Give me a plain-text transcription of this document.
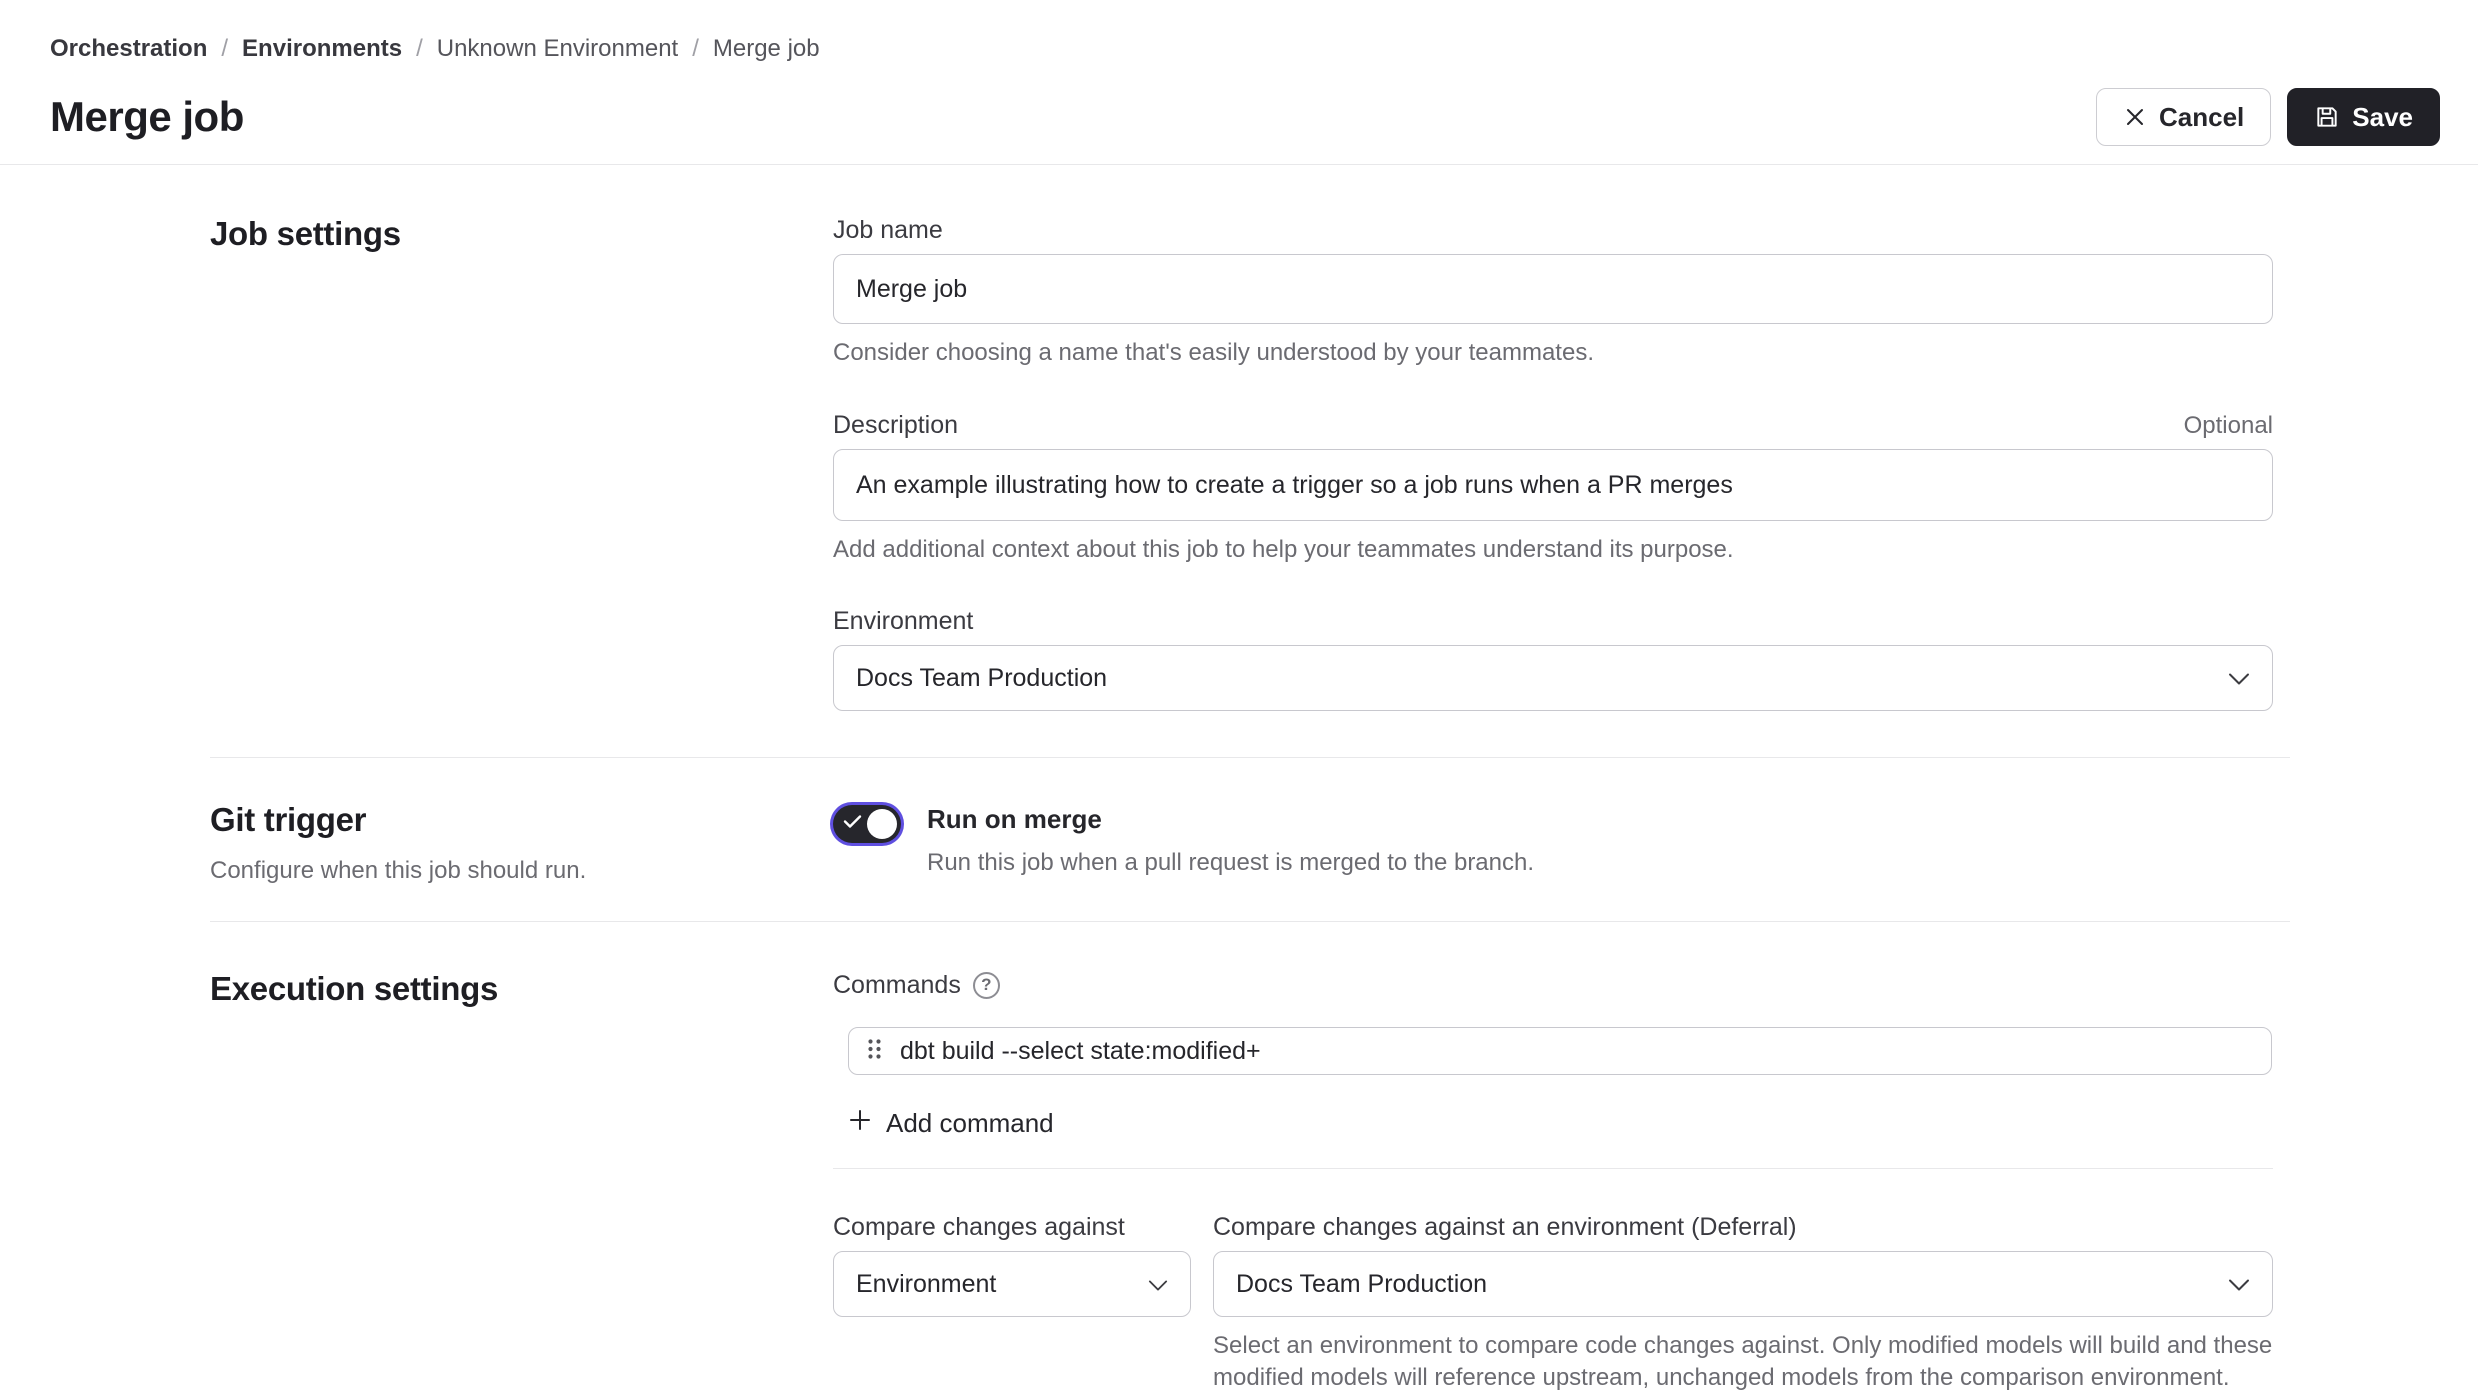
Orchestration / Environments / Unknown Environment / Merge job
Merge job	Cancel	Save
Job settings	Job name Merge job
Consider choosing a name that's easily understood by your teammates.
Description	Optional
An example illustrating how to create a trigger so a job runs when a PR merges
Add additional context about this job to help your teammates understand its purpose.
Environment
Docs Team Production
Git trigger
Configure when this job should run.
Run on merge
Run this job when a pull request is merged to the branch.
Execution settings	Commands	?
dbt build --select state:modified+
Add command
Compare changes against
Environment
Compare changes against an environment (Deferral)
Docs Team Production
Select an environment to compare code changes against. Only modified models will build and these modified models will reference upstream, unchanged models from the comparison environment.
